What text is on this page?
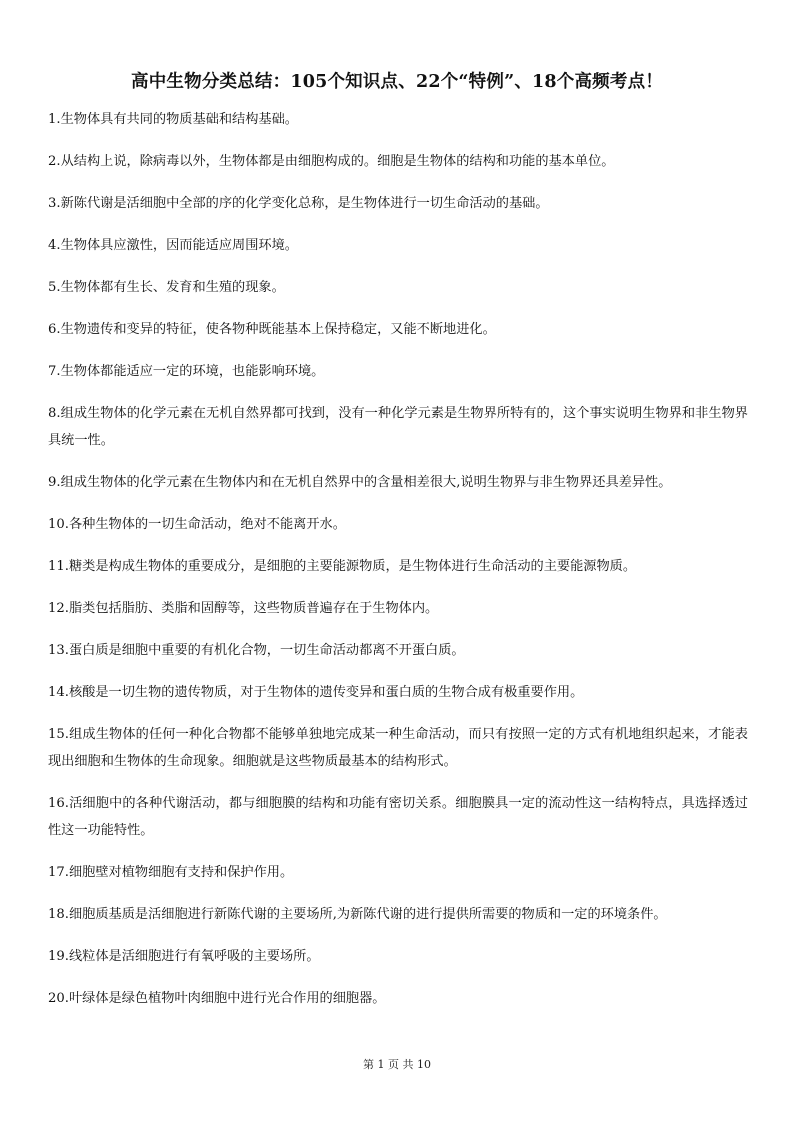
高中生物分类总结：105个知识点、22个“特例”、18个高频考点！

1.生物体具有共同的物质基础和结构基础。

2.从结构上说，除病毒以外，生物体都是由细胞构成的。细胞是生物体的结构和功能的基本单位。

3.新陈代谢是活细胞中全部的序的化学变化总称，是生物体进行一切生命活动的基础。

4.生物体具应激性，因而能适应周围环境。

5.生物体都有生长、发育和生殖的现象。

6.生物遗传和变异的特征，使各物种既能基本上保持稳定，又能不断地进化。

7.生物体都能适应一定的环境，也能影响环境。

8.组成生物体的化学元素在无机自然界都可找到，没有一种化学元素是生物界所特有的，这个事实说明生物界和非生物界具统一性。

9.组成生物体的化学元素在生物体内和在无机自然界中的含量相差很大,说明生物界与非生物界还具差异性。

10.各种生物体的一切生命活动，绝对不能离开水。

11.糖类是构成生物体的重要成分，是细胞的主要能源物质，是生物体进行生命活动的主要能源物质。

12.脂类包括脂肪、类脂和固醇等，这些物质普遍存在于生物体内。

13.蛋白质是细胞中重要的有机化合物，一切生命活动都离不开蛋白质。

14.核酸是一切生物的遗传物质，对于生物体的遗传变异和蛋白质的生物合成有极重要作用。

15.组成生物体的任何一种化合物都不能够单独地完成某一种生命活动，而只有按照一定的方式有机地组织起来，才能表现出细胞和生物体的生命现象。细胞就是这些物质最基本的结构形式。

16.活细胞中的各种代谢活动，都与细胞膜的结构和功能有密切关系。细胞膜具一定的流动性这一结构特点，具选择透过性这一功能特性。

17.细胞壁对植物细胞有支持和保护作用。

18.细胞质基质是活细胞进行新陈代谢的主要场所,为新陈代谢的进行提供所需要的物质和一定的环境条件。

19.线粒体是活细胞进行有氧呼吸的主要场所。

20.叶绿体是绿色植物叶肉细胞中进行光合作用的细胞器。

第 1 页 共 10
